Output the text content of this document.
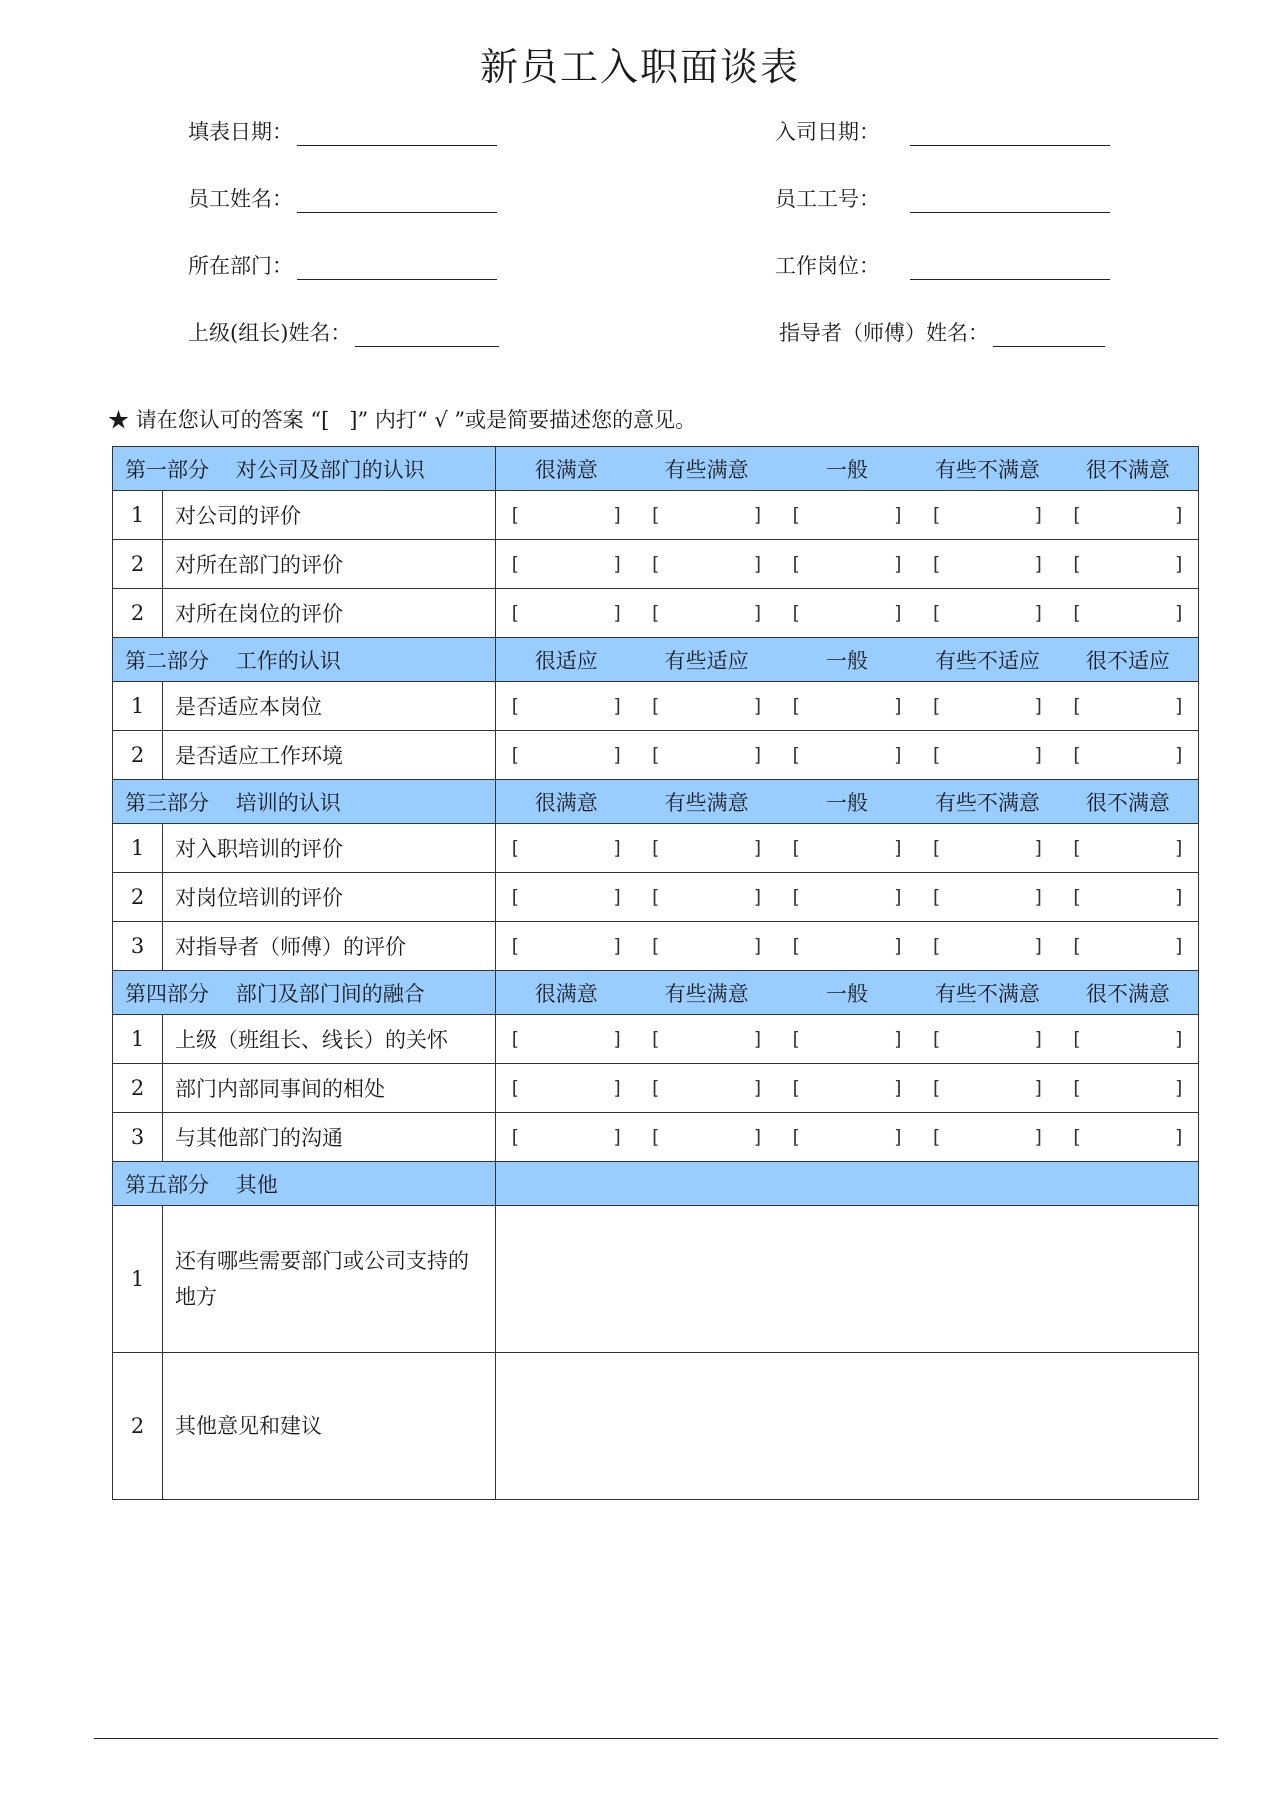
新员工入职面谈表
填表日期：	入司日期：
员工姓名：	员工工号：
所在部门：	工作岗位：
上级(组长)姓名：	指导者（师傅）姓名：
★ 请在您认可的答案 “[   ]” 内打“ √ ”或是简要描述您的意见。
第一部分    对公司及部门的认识		很满意 有些满意 一般 有些不满意 很不满意

1	对公司的评价	[        ] [        ] [        ] [        ] [        ]

2	对所在部门的评价	[        ] [        ] [        ] [        ] [        ]

2	对所在岗位的评价	[        ] [        ] [        ] [        ] [        ]

第二部分    工作的认识		很适应 有些适应 一般 有些不适应 很不适应

1	是否适应本岗位	[        ] [        ] [        ] [        ] [        ]

2	是否适应工作环境	[        ] [        ] [        ] [        ] [        ]

第三部分    培训的认识		很满意 有些满意 一般 有些不满意 很不满意

1	对入职培训的评价	[        ] [        ] [        ] [        ] [        ]

2	对岗位培训的评价	[        ] [        ] [        ] [        ] [        ]

3	对指导者（师傅）的评价	[        ] [        ] [        ] [        ] [        ]

第四部分    部门及部门间的融合		很满意 有些满意 一般 有些不满意 很不满意

1	上级（班组长、线长）的关怀	[        ] [        ] [        ] [        ] [        ]

2	部门内部同事间的相处	[        ] [        ] [        ] [        ] [        ]

3	与其他部门的沟通	[        ] [        ] [        ] [        ] [        ]

第五部分    其他		
1	还有哪些需要部门或公司支持的地方	
2	其他意见和建议	
